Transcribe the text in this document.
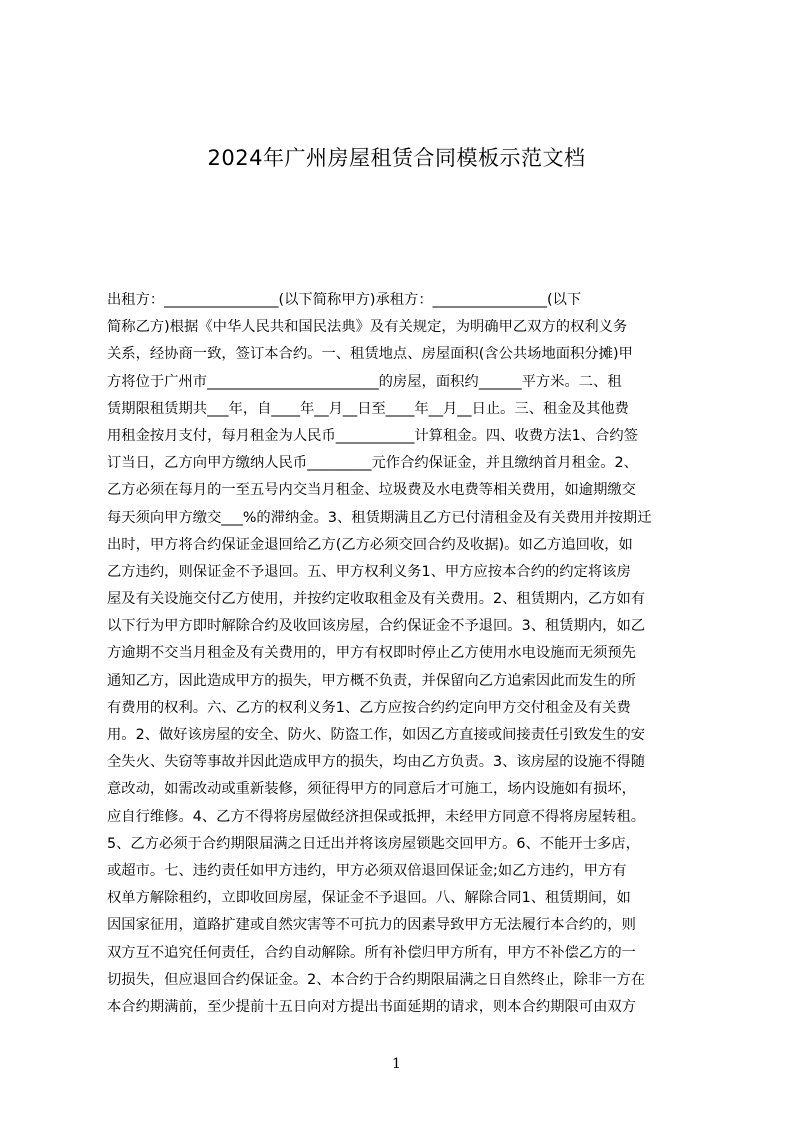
2024年广州房屋租赁合同模板示范文档
出租方：________________(以下简称甲方)承租方：________________(以下
简称乙方)根据《中华人民共和国民法典》及有关规定，为明确甲乙双方的权利义务
关系，经协商一致，签订本合约。一、租赁地点、房屋面积(含公共场地面积分摊)甲
方将位于广州市________________________的房屋，面积约______平方米。二、租
赁期限租赁期共___年，自____年__月__日至____年__月__日止。三、租金及其他费
用租金按月支付，每月租金为人民币___________计算租金。四、收费方法1、合约签
订当日，乙方向甲方缴纳人民币_________元作合约保证金，并且缴纳首月租金。2、
乙方必须在每月的一至五号内交当月租金、垃圾费及水电费等相关费用，如逾期缴交
每天须向甲方缴交___%的滞纳金。3、租赁期满且乙方已付清租金及有关费用并按期迁
出时，甲方将合约保证金退回给乙方(乙方必须交回合约及收据)。如乙方追回收，如
乙方违约，则保证金不予退回。五、甲方权利义务1、甲方应按本合约的约定将该房
屋及有关设施交付乙方使用，并按约定收取租金及有关费用。2、租赁期内，乙方如有
以下行为甲方即时解除合约及收回该房屋，合约保证金不予退回。3、租赁期内，如乙
方逾期不交当月租金及有关费用的，甲方有权即时停止乙方使用水电设施而无须预先
通知乙方，因此造成甲方的损失，甲方概不负责，并保留向乙方追索因此而发生的所
有费用的权利。六、乙方的权利义务1、乙方应按合约约定向甲方交付租金及有关费
用。2、做好该房屋的安全、防火、防盗工作，如因乙方直接或间接责任引致发生的安
全失火、失窃等事故并因此造成甲方的损失，均由乙方负责。3、该房屋的设施不得随
意改动，如需改动或重新装修，须征得甲方的同意后才可施工，场内设施如有损坏，
应自行维修。4、乙方不得将房屋做经济担保或抵押，未经甲方同意不得将房屋转租。
5、乙方必须于合约期限届满之日迁出并将该房屋锁匙交回甲方。6、不能开士多店，
或超市。七、违约责任如甲方违约，甲方必须双倍退回保证金;如乙方违约，甲方有
权单方解除租约，立即收回房屋，保证金不予退回。八、解除合同1、租赁期间，如
因国家征用，道路扩建或自然灾害等不可抗力的因素导致甲方无法履行本合约的，则
双方互不追究任何责任，合约自动解除。所有补偿归甲方所有，甲方不补偿乙方的一
切损失，但应退回合约保证金。2、本合约于合约期限届满之日自然终止，除非一方在
本合约期满前，至少提前十五日向对方提出书面延期的请求，则本合约期限可由双方
1
